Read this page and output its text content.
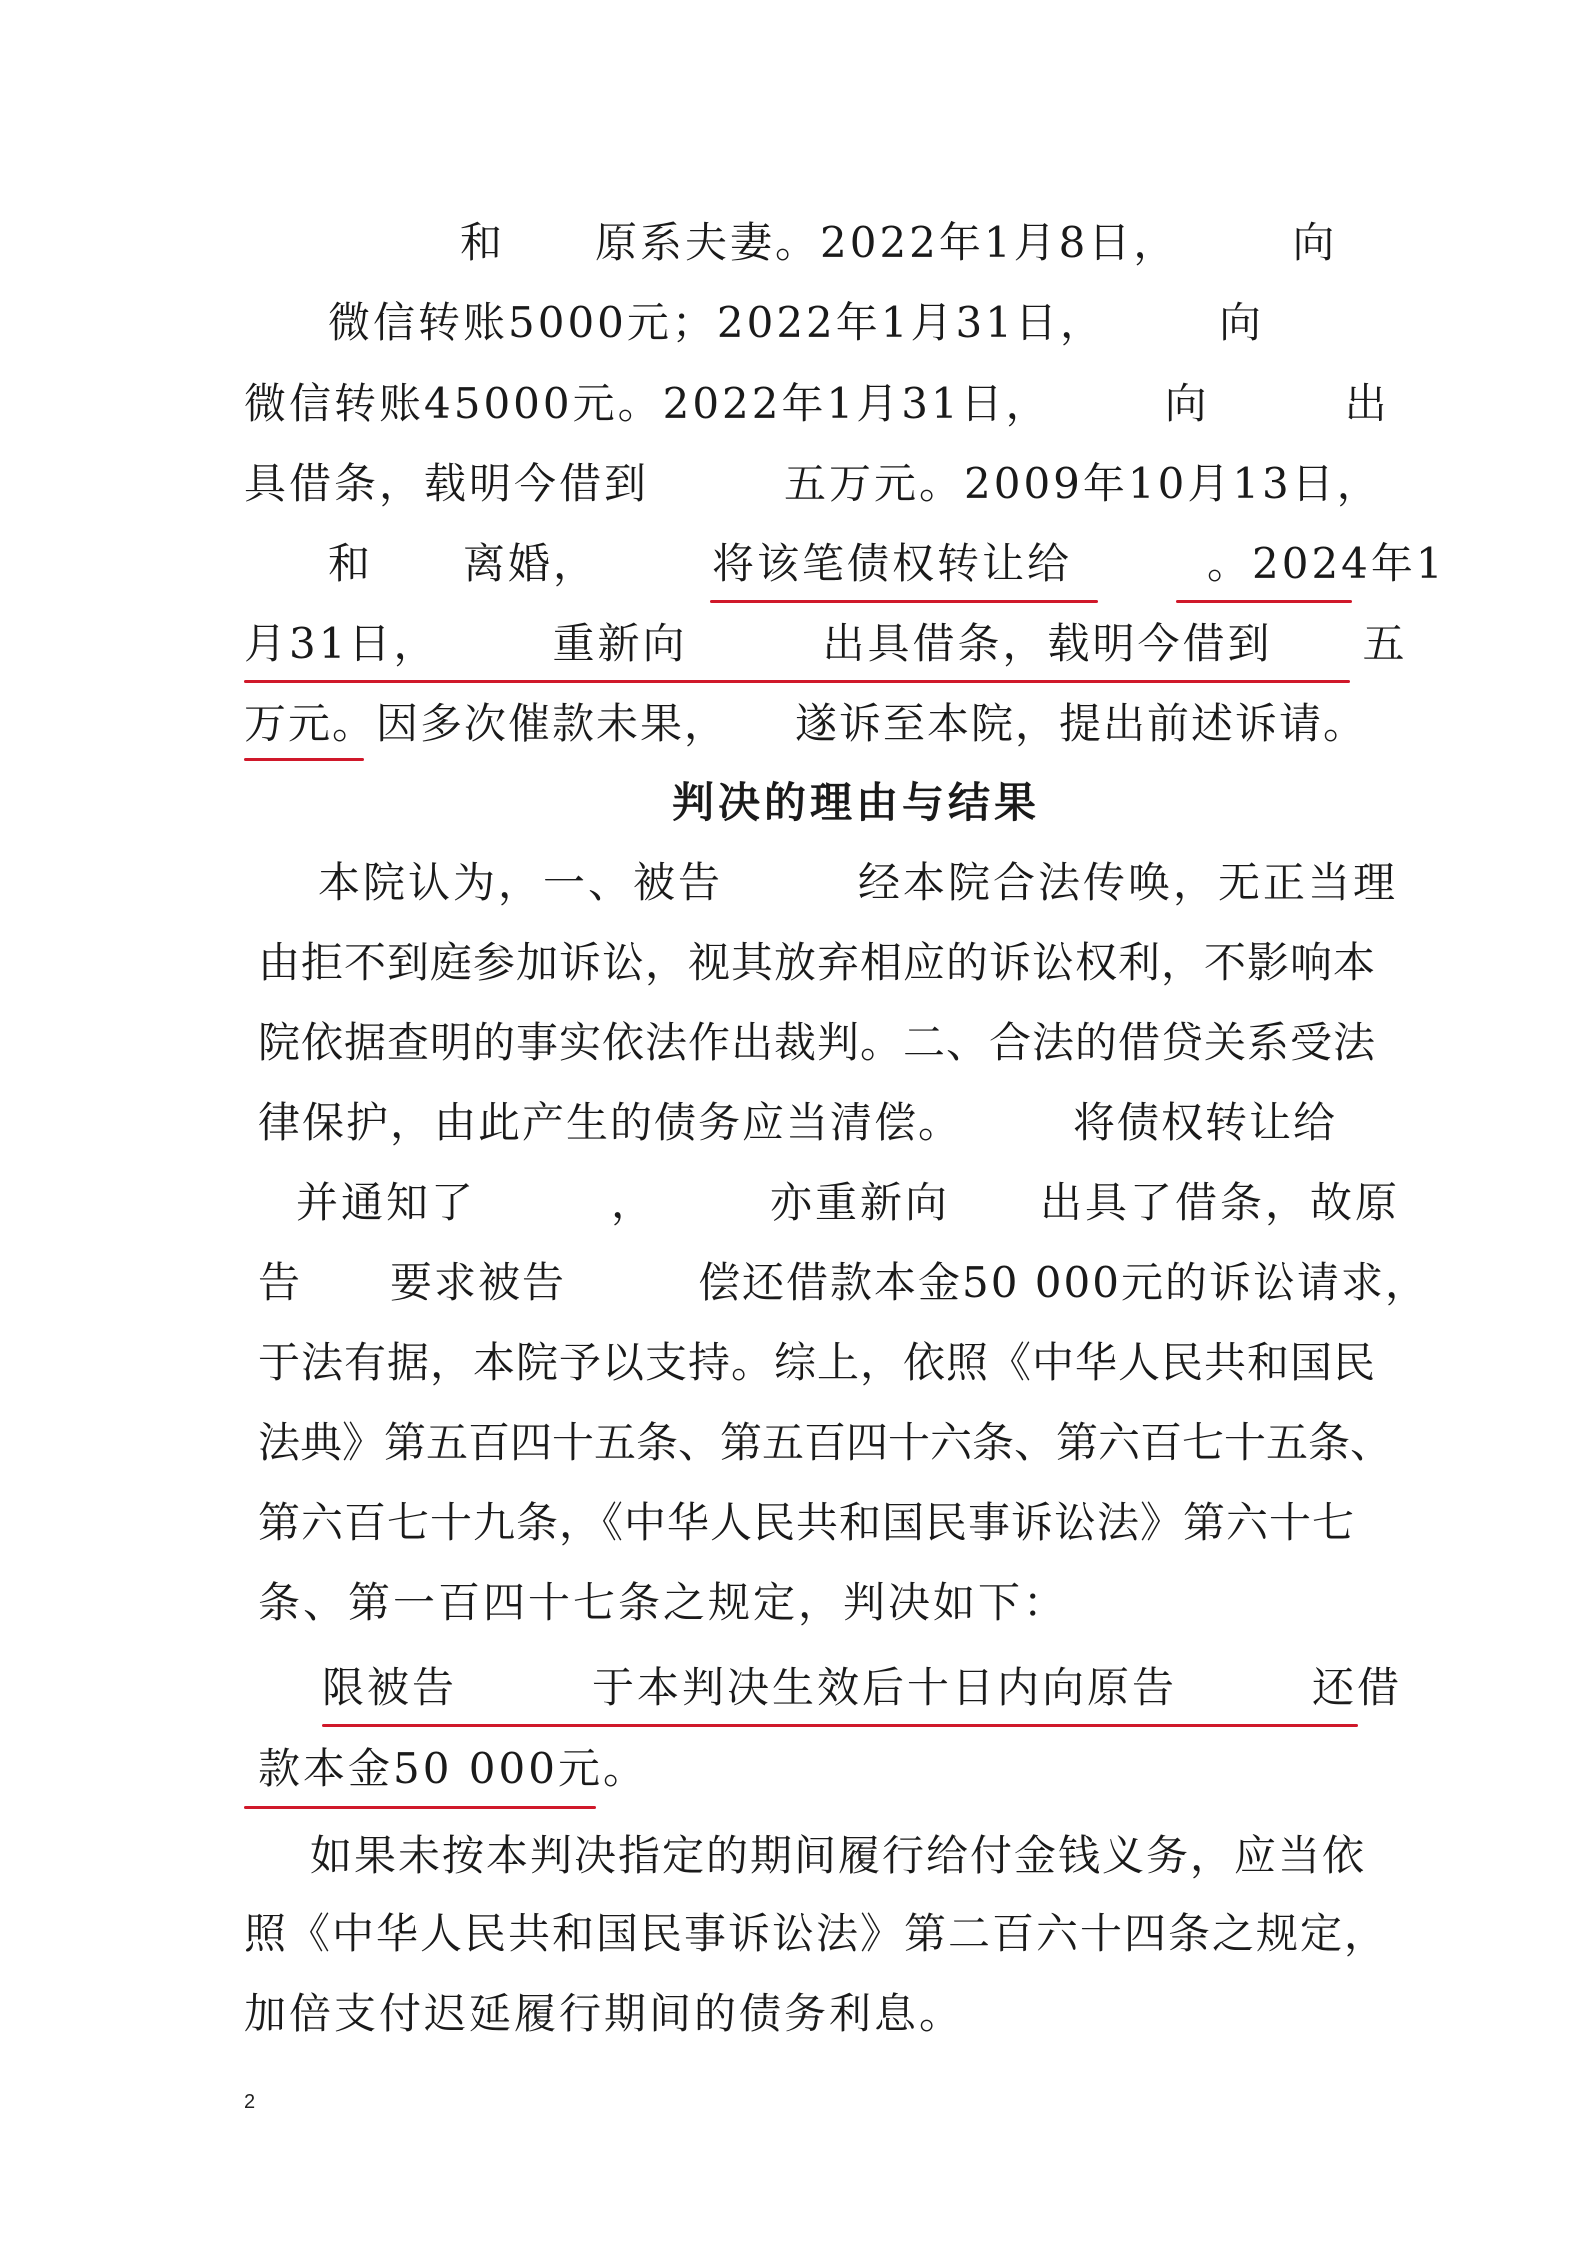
和　　原系夫妻。2022年1月8日，　　　向
微信转账5000元；2022年1月31日，　　　向
微信转账45000元。2022年1月31日，　　　向　　　出
具借条，载明今借到　　　五万元。2009年10月13日，
和　　离婚，　　　将该笔债权转让给　　　。2024年1
月31日，　　　重新向　　　出具借条，载明今借到　　五
万元。因多次催款未果，　　遂诉至本院，提出前述诉请。
判决的理由与结果
本院认为，一、被告　　　经本院合法传唤，无正当理
由拒不到庭参加诉讼，视其放弃相应的诉讼权利，不影响本
院依据查明的事实依法作出裁判。二、合法的借贷关系受法
律保护，由此产生的债务应当清偿。　　　将债权转让给
并通知了　　　，　　　亦重新向　　出具了借条，故原
告　　要求被告　　　偿还借款本金50 000元的诉讼请求，
于法有据，本院予以支持。综上，依照《中华人民共和国民
法典》第五百四十五条、第五百四十六条、第六百七十五条、
第六百七十九条，《中华人民共和国民事诉讼法》第六十七
条、第一百四十七条之规定，判决如下：
限被告　　　于本判决生效后十日内向原告　　　还借
款本金50 000元。
如果未按本判决指定的期间履行给付金钱义务，应当依
照《中华人民共和国民事诉讼法》第二百六十四条之规定，
加倍支付迟延履行期间的债务利息。
2
